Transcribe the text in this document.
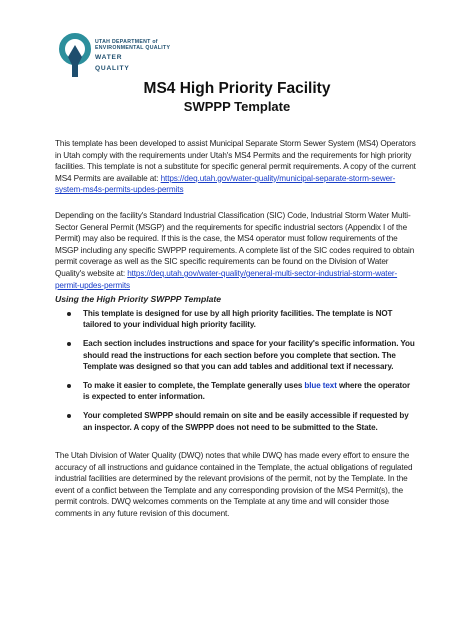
UTAH DEPARTMENT of
ENVIRONMENTAL QUALITY
WATER
QUALITY
MS4 High Priority Facility
SWPPP Template
This template has been developed to assist Municipal Separate Storm Sewer System (MS4) Operators in Utah comply with the requirements under Utah's MS4 Permits and the requirements for high priority facilities. This template is not a substitute for specific general permit requirements. A copy of the current MS4 Permits are available at: https://deq.utah.gov/water-quality/municipal-separate-storm-sewer-system-ms4s-permits-updes-permits
Depending on the facility's Standard Industrial Classification (SIC) Code, Industrial Storm Water Multi-Sector General Permit (MSGP) and the requirements for specific industrial sectors (Appendix I of the Permit) may also be required. If this is the case, the MS4 operator must follow requirements of the MSGP including any specific SWPPP requirements. A complete list of the SIC codes required to obtain permit coverage as well as the SIC specific requirements can be found on the Division of Water Quality's website at: https://deq.utah.gov/water-quality/general-multi-sector-industrial-storm-water-permit-updes-permits
Using the High Priority SWPPP Template
This template is designed for use by all high priority facilities. The template is NOT tailored to your individual high priority facility.
Each section includes instructions and space for your facility's specific information. You should read the instructions for each section before you complete that section. The Template was designed so that you can add tables and additional text if necessary.
To make it easier to complete, the Template generally uses blue text where the operator is expected to enter information.
Your completed SWPPP should remain on site and be easily accessible if requested by an inspector. A copy of the SWPPP does not need to be submitted to the State.
The Utah Division of Water Quality (DWQ) notes that while DWQ has made every effort to ensure the accuracy of all instructions and guidance contained in the Template, the actual obligations of regulated industrial facilities are determined by the relevant provisions of the permit, not by the Template. In the event of a conflict between the Template and any corresponding provision of the MS4 Permit(s), the permit controls. DWQ welcomes comments on the Template at any time and will consider those comments in any future revision of this document.
